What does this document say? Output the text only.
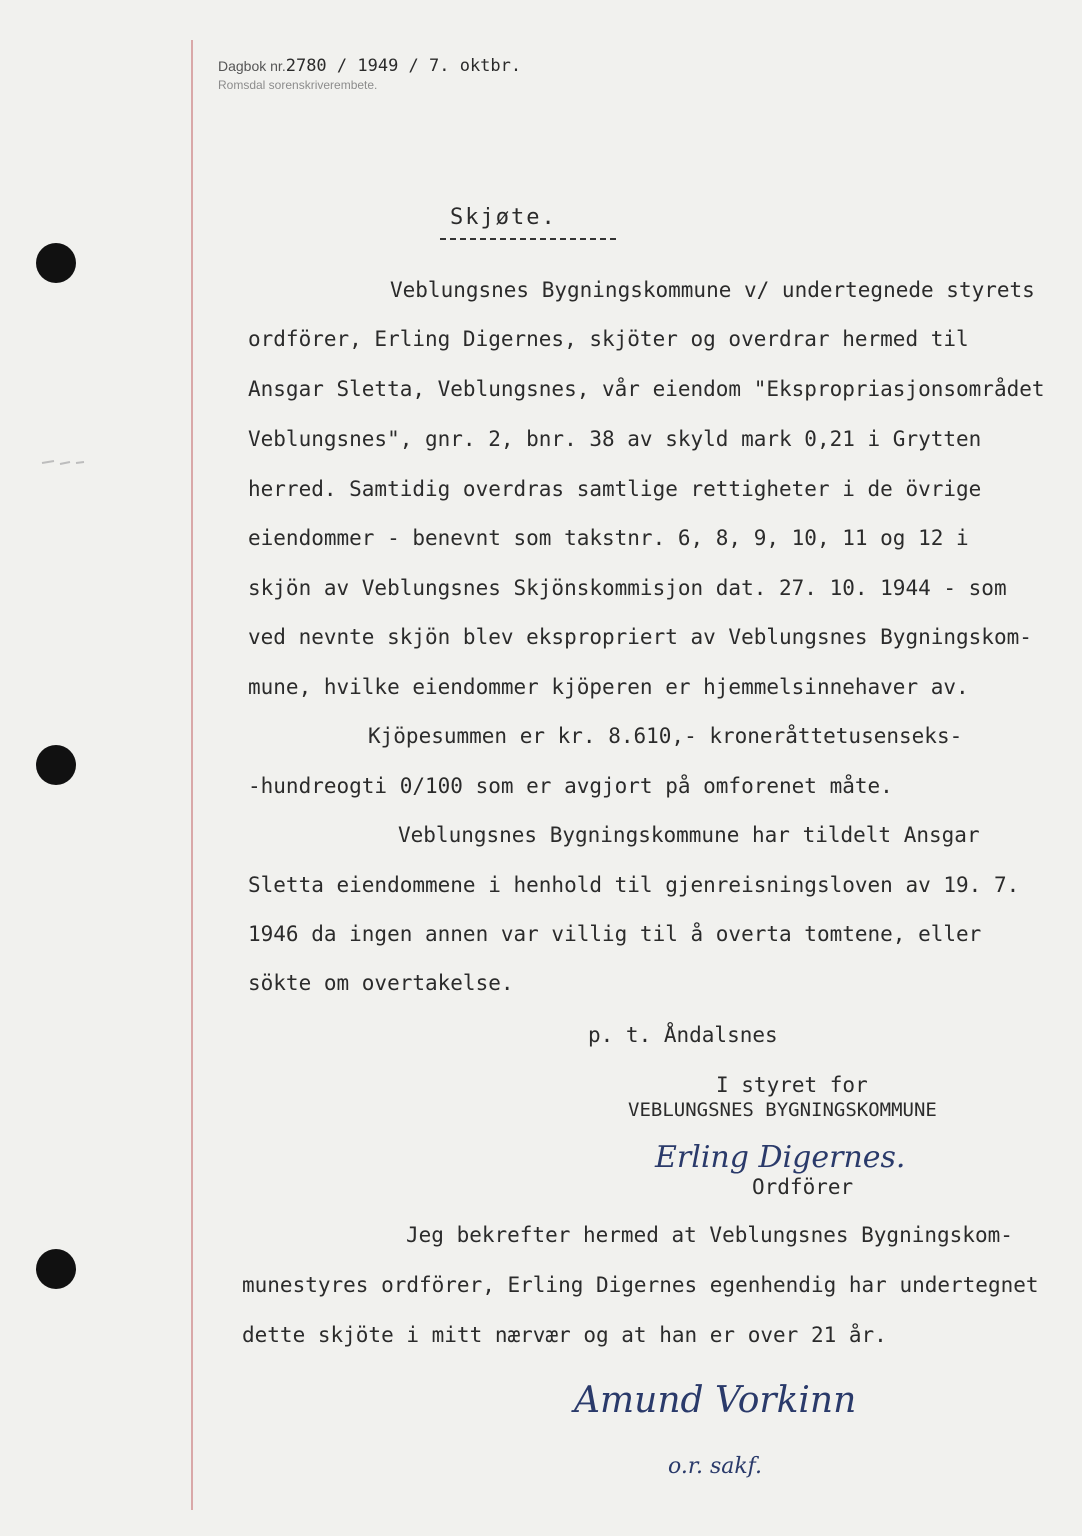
Dagbok nr.2780 / 1949 / 7. oktbr.
Romsdal sorenskriverembete.
Skjøte.
Veblungsnes Bygningskommune v/ undertegnede styrets
ordförer, Erling Digernes, skjöter og overdrar hermed til
Ansgar Sletta, Veblungsnes, vår eiendom "Ekspropriasjonsområdet
Veblungsnes", gnr. 2, bnr. 38 av skyld mark 0,21 i Grytten
herred. Samtidig overdras samtlige rettigheter i de övrige
eiendommer - benevnt som takstnr. 6, 8, 9, 10, 11 og 12 i
skjön av Veblungsnes Skjönskommisjon dat. 27. 10. 1944 - som
ved nevnte skjön blev ekspropriert av Veblungsnes Bygningskom-
mune, hvilke eiendommer kjöperen er hjemmelsinnehaver av.
Kjöpesummen er kr. 8.610,- kroneråttetusenseks-
-hundreogti 0/100 som er avgjort på omforenet måte.
Veblungsnes Bygningskommune har tildelt Ansgar
Sletta eiendommene i henhold til gjenreisningsloven av 19. 7.
1946 da ingen annen var villig til å overta tomtene, eller
sökte om overtakelse.
p. t. Åndalsnes
I styret for
VEBLUNGSNES BYGNINGSKOMMUNE
Erling Digernes.
Ordförer
Jeg bekrefter hermed at Veblungsnes Bygningskom-
munestyres ordförer, Erling Digernes egenhendig har undertegnet
dette skjöte i mitt nærvær og at han er over 21 år.
Amund Vorkinn
o.r. sakf.
